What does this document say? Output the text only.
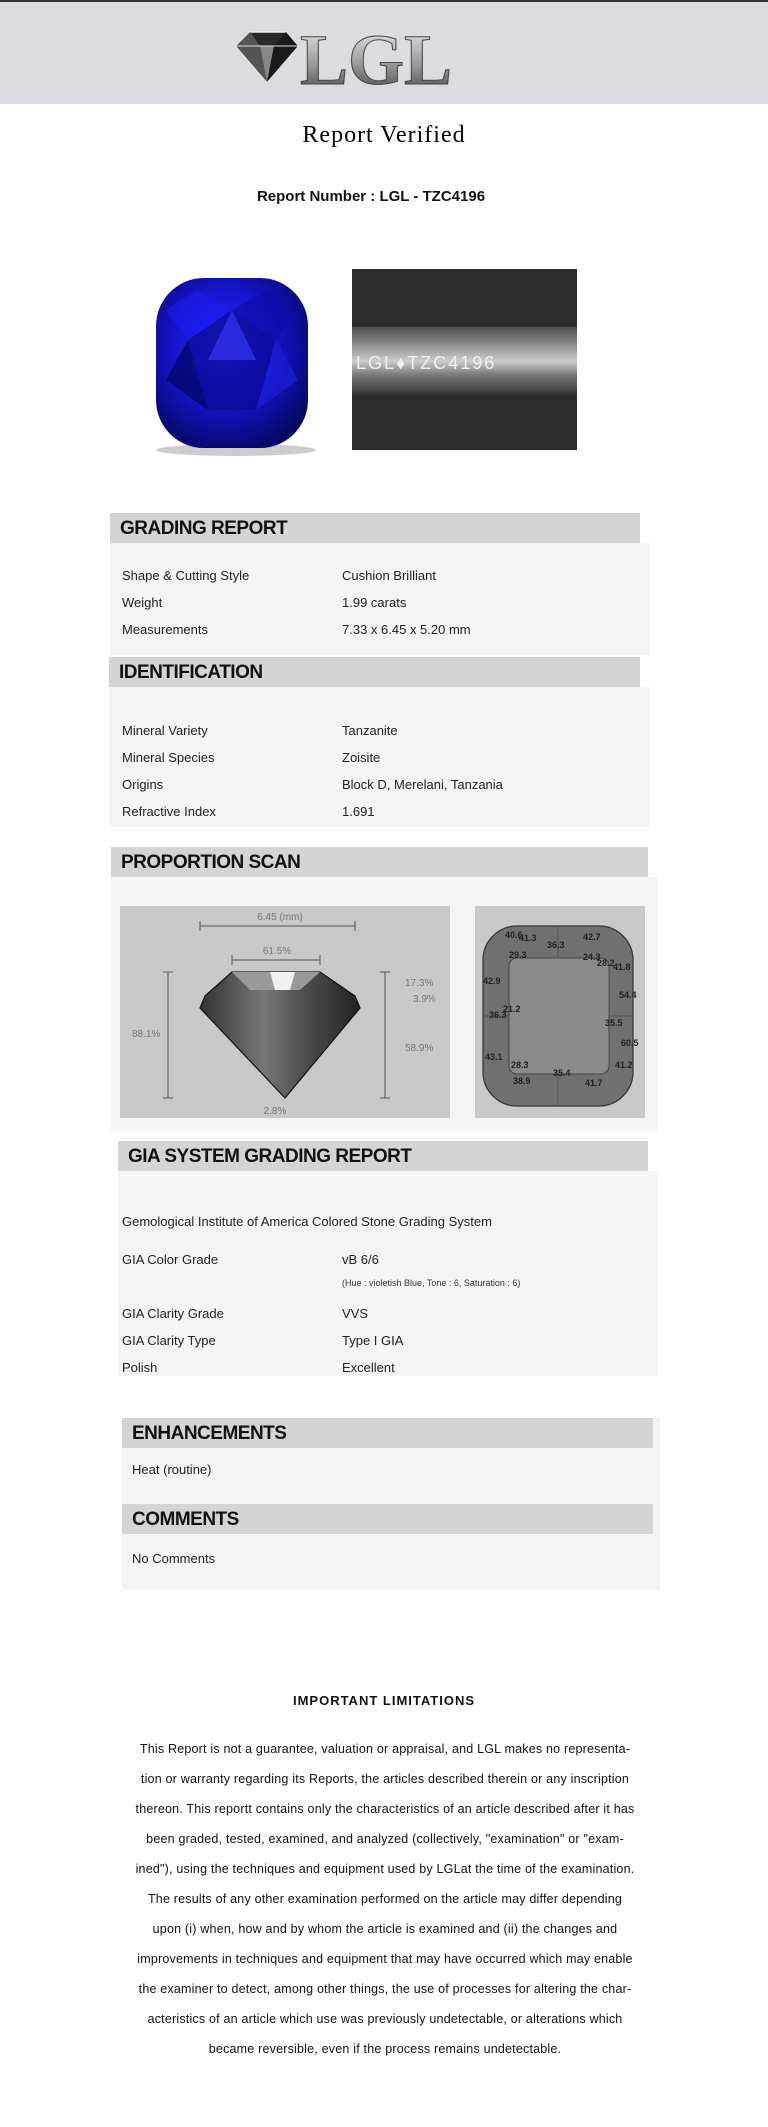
LGL
Report Verified
Report Number : LGL - TZC4196
LGL♦TZC4196
GRADING REPORT
Shape & Cutting Style	Cushion Brilliant
Weight	1.99 carats
Measurements	7.33 x 6.45 x 5.20 mm
IDENTIFICATION
Mineral Variety	Tanzanite
Mineral Species	Zoisite
Origins	Block D, Merelani, Tanzania
Refractive Index	1.691
PROPORTION SCAN
6.45 (mm)
61.5%
88.1%
17.3%
3.9%
58.9%
2.8%
40.6
41.3
36.3
42.7
29.3	24.3
28.2
41.8
42.9
54.4
36.3
21.2
35.5
60.5
43.1
28.3	41.2
38.9
35.4
41.7
GIA SYSTEM GRADING REPORT
Gemological Institute of America Colored Stone Grading System
GIA Color Grade	vB 6/6
(Hue : violetish Blue, Tone : 6, Saturation : 6)
GIA Clarity Grade	VVS
GIA Clarity Type	Type I GIA
Polish	Excellent
ENHANCEMENTS
Heat (routine)
COMMENTS
No Comments
IMPORTANT LIMITATIONS
This Report is not a guarantee, valuation or appraisal, and LGL makes no representa-
tion or warranty regarding its Reports, the articles described therein or any inscription
thereon. This reportt contains only the characteristics of an article described after it has
been graded, tested, examined, and analyzed (collectively, "examination" or "exam-
ined"), using the techniques and equipment used by LGLat the time of the examination.
The results of any other examination performed on the article may differ depending
upon (i) when, how and by whom the article is examined and (ii) the changes and
improvements in techniques and equipment that may have occurred which may enable
the examiner to detect, among other things, the use of processes for altering the char-
acteristics of an article which use was previously undetectable, or alterations which
became reversible, even if the process remains undetectable.
